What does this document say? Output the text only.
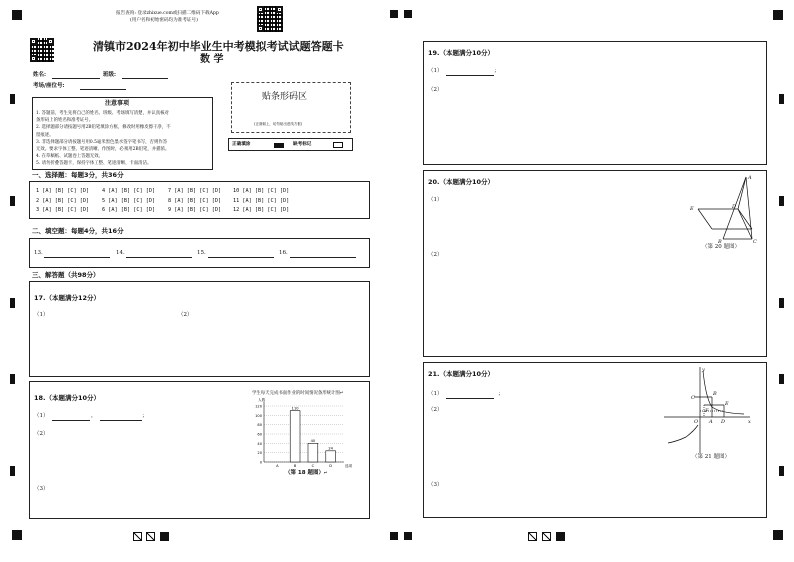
报告查询: 登录zhixue.com或扫描二维码下载App
(用户名和初始密码均为准考证号)
清镇市2024年初中毕业生中考模拟考试试题答题卡
数 学
姓名:	班级:
考场/座位号:
注意事项
1. 答题前，考生先将自己的姓名、班级、考场填写清楚，并认真核对
条形码上的姓名和准考证号。
2. 选择题部分请按题号用2B铅笔填涂方框，修改时用橡皮擦干净，不
留痕迹。
3. 非选择题部分请按题号用0.5毫米黑色墨水签字笔书写，否则作答
无效。要求字体工整、笔迹清晰。作图时，必须用2B铅笔，并描浓。
4. 在草稿纸、试题卷上答题无效。
5. 请勿折叠答题卡，保持字体工整、笔迹清晰、卡面清洁。
贴条形码区
(正面朝上，切勿贴出虚线方框)
正确填涂	缺考标记
一、选择题：每题3分，共36分
1 [A] [B] [C] [D] 4 [A] [B] [C] [D] 7 [A] [B] [C] [D] 10 [A] [B] [C] [D]
2 [A] [B] [C] [D] 5 [A] [B] [C] [D] 8 [A] [B] [C] [D] 11 [A] [B] [C] [D]
3 [A] [B] [C] [D] 6 [A] [B] [C] [D] 9 [A] [B] [C] [D] 12 [A] [B] [C] [D]
二、填空题：每题4分，共16分
13.	14.	15.	16.
三、解答题（共98分）
17.（本题满分12分）
（1）	（2）
18.（本题满分10分）
（1）	，	；
（2）
（3）
学生每天完成书面作业的时间情况条形统计图↵
0
20
40
60
80
100
120
人数
选项
A
110
B
40
C
24
D
（第 18 题图）↵
19.（本题满分10分）
（1）	；
（2）
20.（本题满分10分）
（1）
（2）
A
E	D
B	C
（第 20 题图）
21.（本题满分10分）
（1）	；
（2）
（3）
y
x
O A D
B
C
E
F
（第 21 题图）
